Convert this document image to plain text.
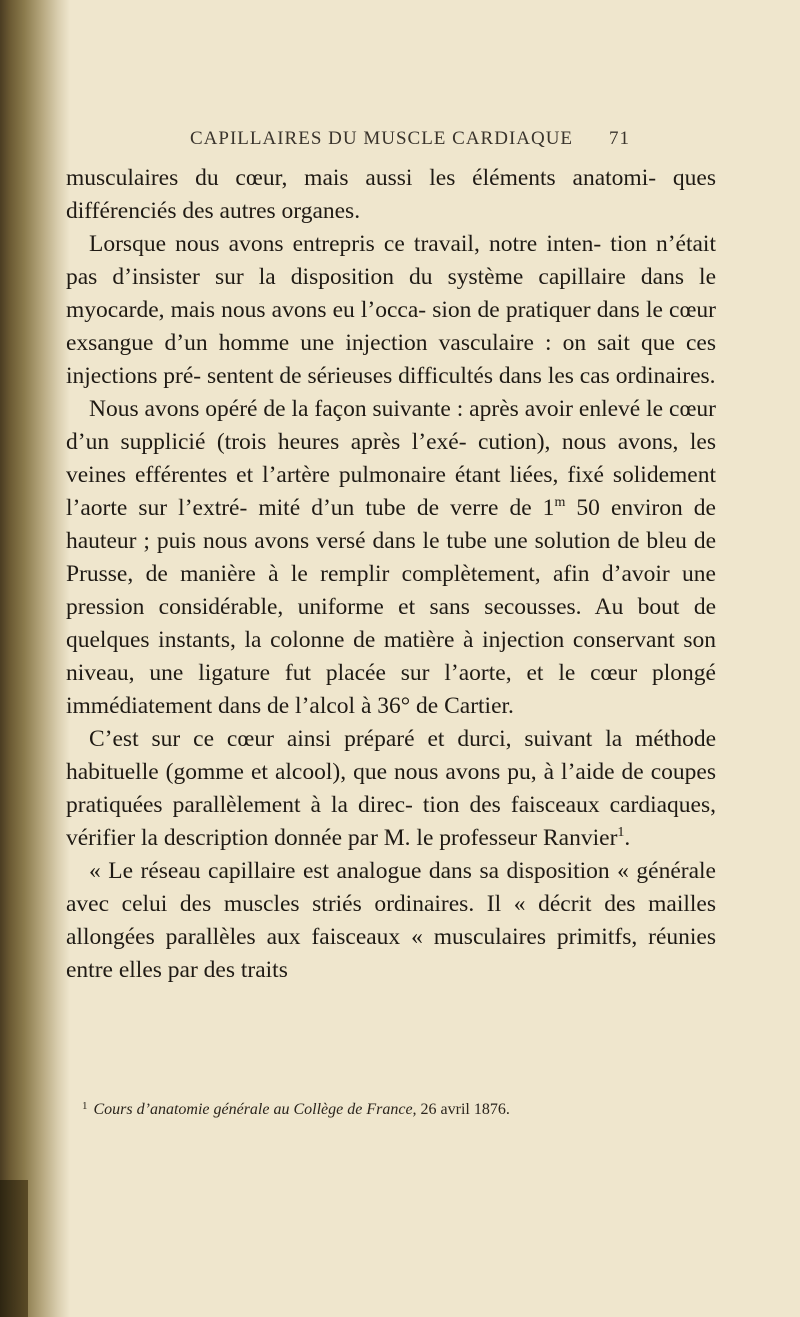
CAPILLAIRES DU MUSCLE CARDIAQUE 71

musculaires du cœur, mais aussi les éléments anatomi- ques différenciés des autres organes.

Lorsque nous avons entrepris ce travail, notre inten- tion n’était pas d’insister sur la disposition du système capillaire dans le myocarde, mais nous avons eu l’occa- sion de pratiquer dans le cœur exsangue d’un homme une injection vasculaire : on sait que ces injections pré- sentent de sérieuses difficultés dans les cas ordinaires.

Nous avons opéré de la façon suivante : après avoir enlevé le cœur d’un supplicié (trois heures après l’exé- cution), nous avons, les veines efférentes et l’artère pulmonaire étant liées, fixé solidement l’aorte sur l’extré- mité d’un tube de verre de 1$^m$ 50 environ de hauteur ; puis nous avons versé dans le tube une solution de bleu de Prusse, de manière à le remplir complètement, afin d’avoir une pression considérable, uniforme et sans secousses. Au bout de quelques instants, la colonne de matière à injection conservant son niveau, une ligature fut placée sur l’aorte, et le cœur plongé immédiatement dans de l’alcol à 36° de Cartier.

C’est sur ce cœur ainsi préparé et durci, suivant la méthode habituelle (gomme et alcool), que nous avons pu, à l’aide de coupes pratiquées parallèlement à la direc- tion des faisceaux cardiaques, vérifier la description donnée par M. le professeur Ranvier$^1$.

« Le réseau capillaire est analogue dans sa disposition « générale avec celui des muscles striés ordinaires. Il « décrit des mailles allongées parallèles aux faisceaux « musculaires primitfs, réunies entre elles par des traits

$^1$ Cours d’anatomie générale au Collège de France, 26 avril 1876.
